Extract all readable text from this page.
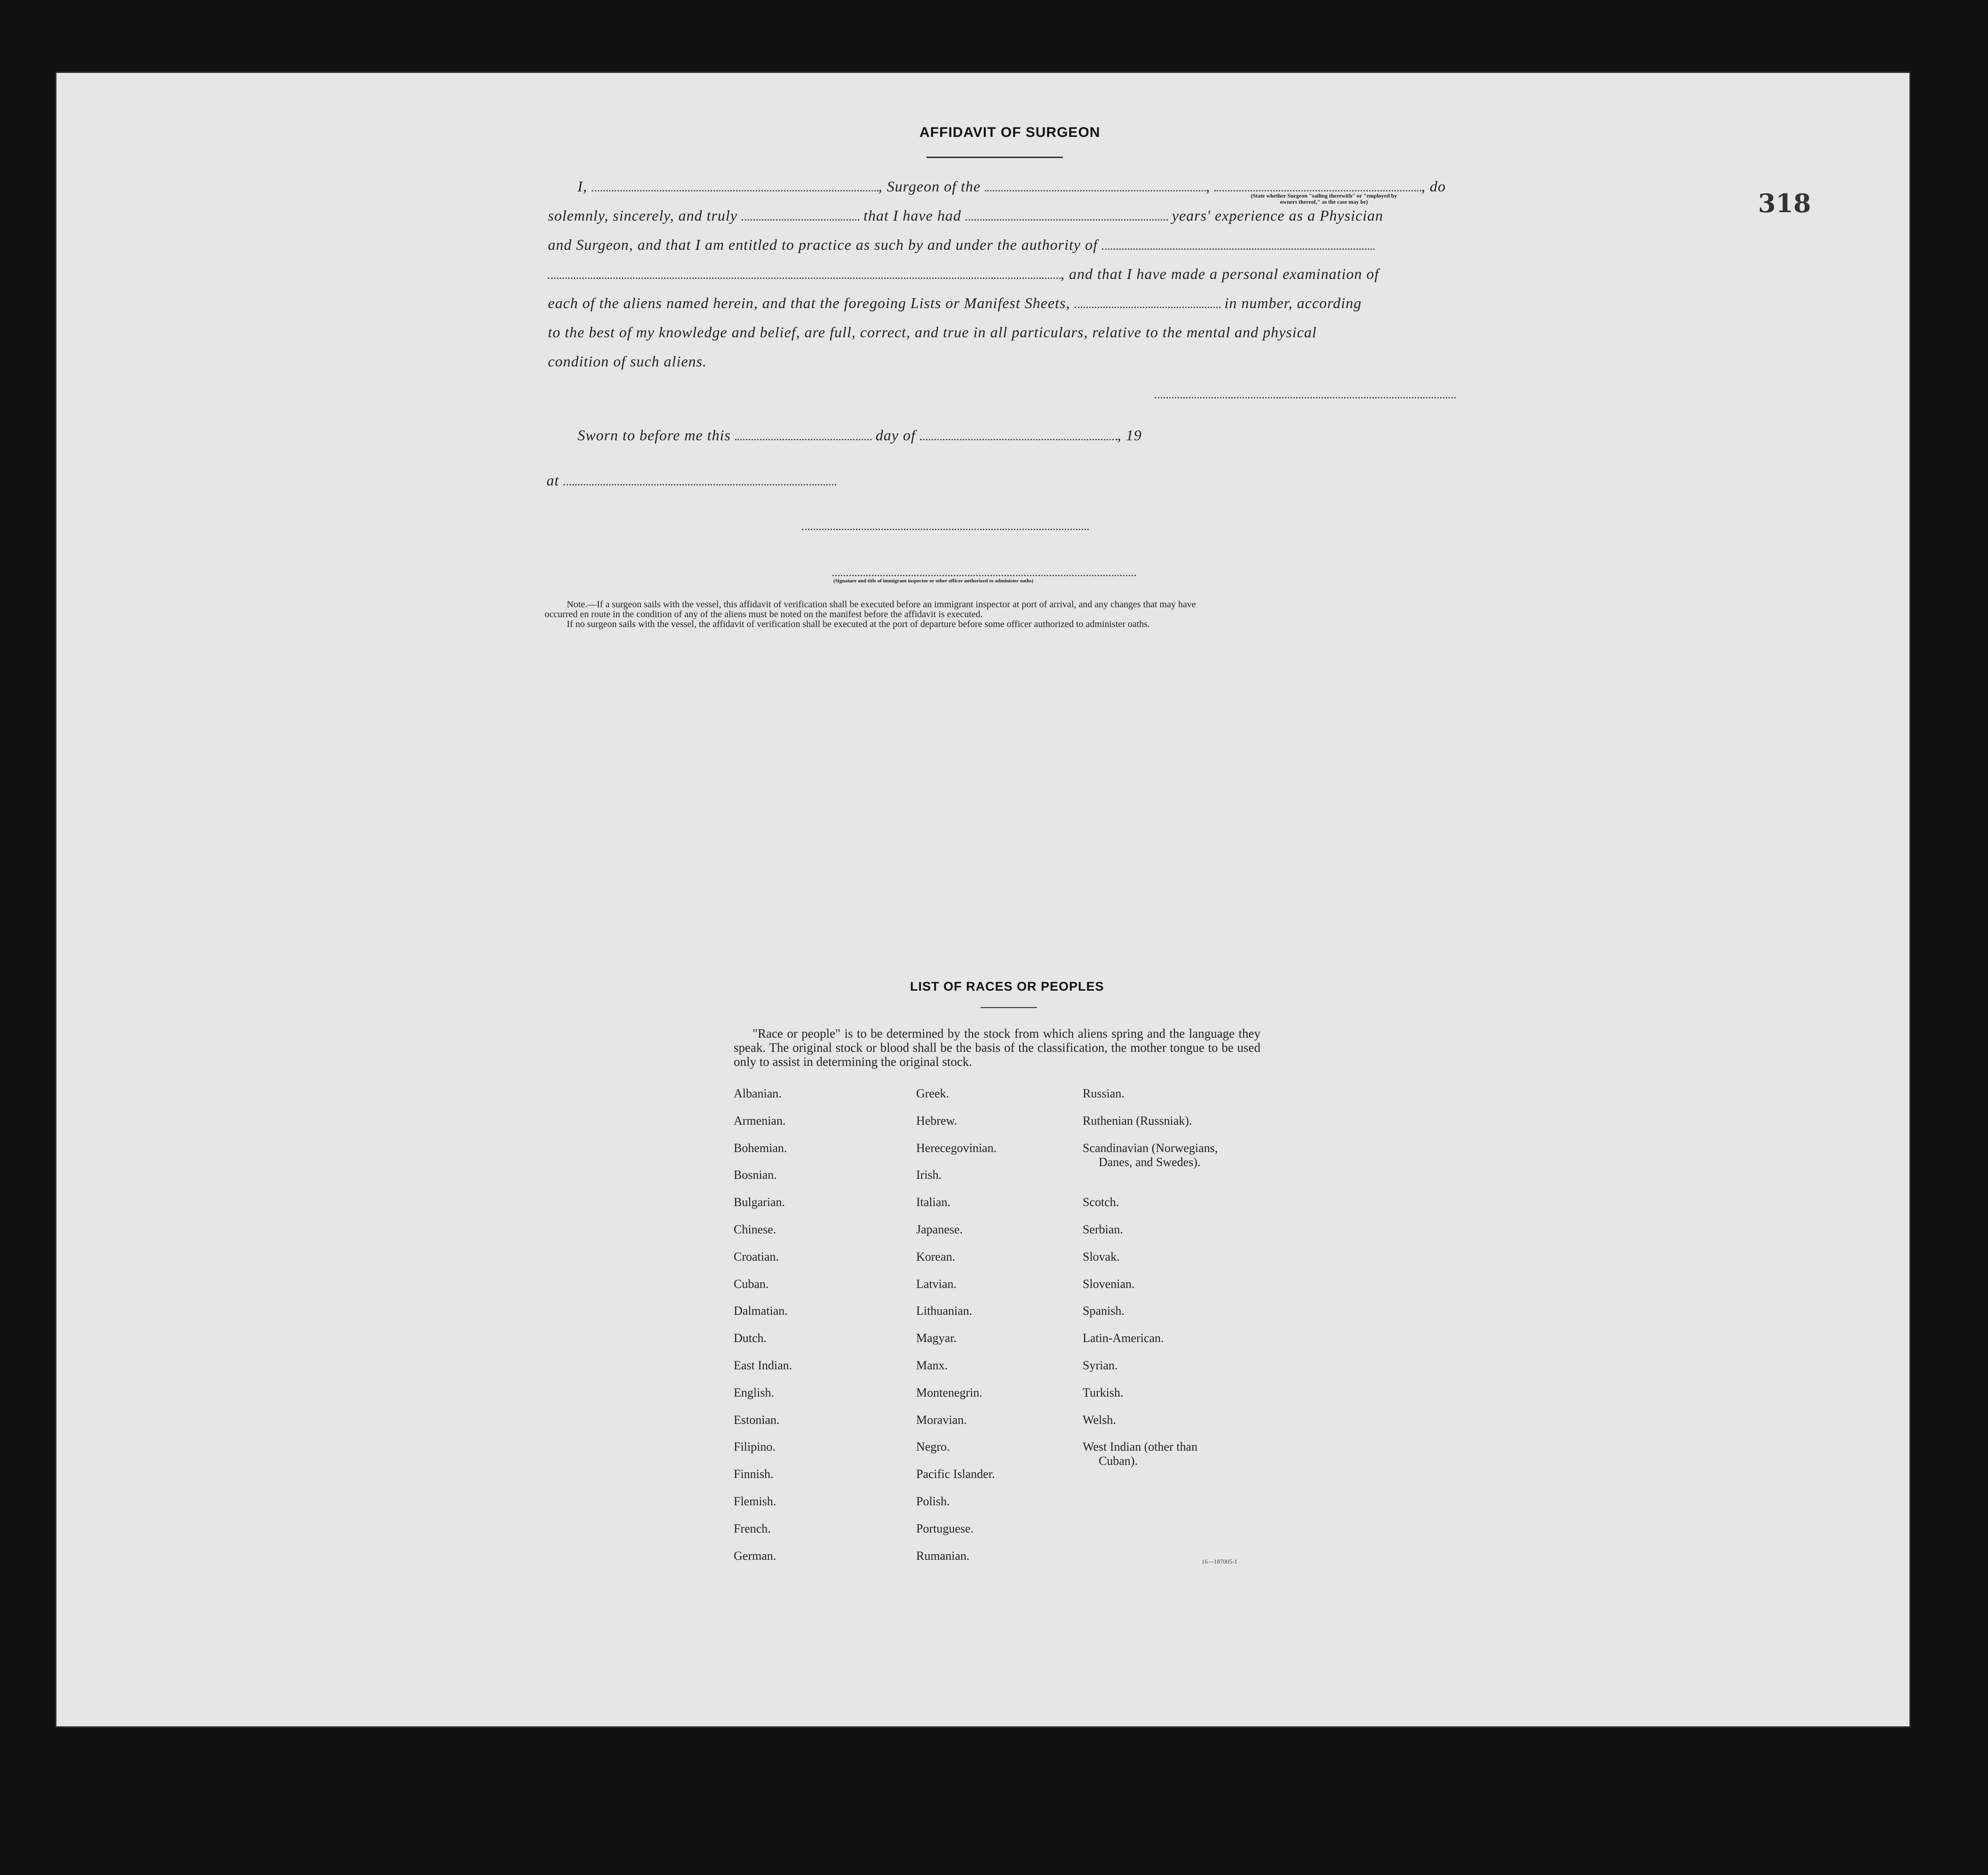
318
AFFIDAVIT OF SURGEON
I,	, Surgeon of the	,	, do
(State whether Surgeon "sailing therewith" or "employed by
owners thereof," as the case may be)
solemnly, sincerely, and truly	that I have had	years' experience as a Physician
and Surgeon, and that I am entitled to practice as such by and under the authority of
, and that I have made a personal examination of
each of the aliens named herein, and that the foregoing Lists or Manifest Sheets,	in number, according
to the best of my knowledge and belief, are full, correct, and true in all particulars, relative to the mental and physical
condition of such aliens.
Sworn to before me this	day of	, 19
at
(Signature and title of immigrant inspector or other officer authorized to administer oaths)
Note.—If a surgeon sails with the vessel, this affidavit of verification shall be executed before an immigrant inspector at port of arrival, and any changes that may have
occurred en route in the condition of any of the aliens must be noted on the manifest before the affidavit is executed.
If no surgeon sails with the vessel, the affidavit of verification shall be executed at the port of departure before some officer authorized to administer oaths.
LIST OF RACES OR PEOPLES
"Race or people" is to be determined by the stock from which aliens spring and the language they speak. The original stock or blood shall be the basis of the classification, the mother tongue to be used only to assist in determining the original stock.
Albanian.
Armenian.
Bohemian.
Bosnian.
Bulgarian.
Chinese.
Croatian.
Cuban.
Dalmatian.
Dutch.
East Indian.
English.
Estonian.
Filipino.
Finnish.
Flemish.
French.
German.
Greek.
Hebrew.
Herecegovinian.
Irish.
Italian.
Japanese.
Korean.
Latvian.
Lithuanian.
Magyar.
Manx.
Montenegrin.
Moravian.
Negro.
Pacific Islander.
Polish.
Portuguese.
Rumanian.
Russian.
Ruthenian (Russniak).
Scandinavian (Norwegians,
Danes, and Swedes).
Scotch.
Serbian.
Slovak.
Slovenian.
Spanish.
Latin-American.
Syrian.
Turkish.
Welsh.
West Indian (other than
Cuban).
16—187005-1
